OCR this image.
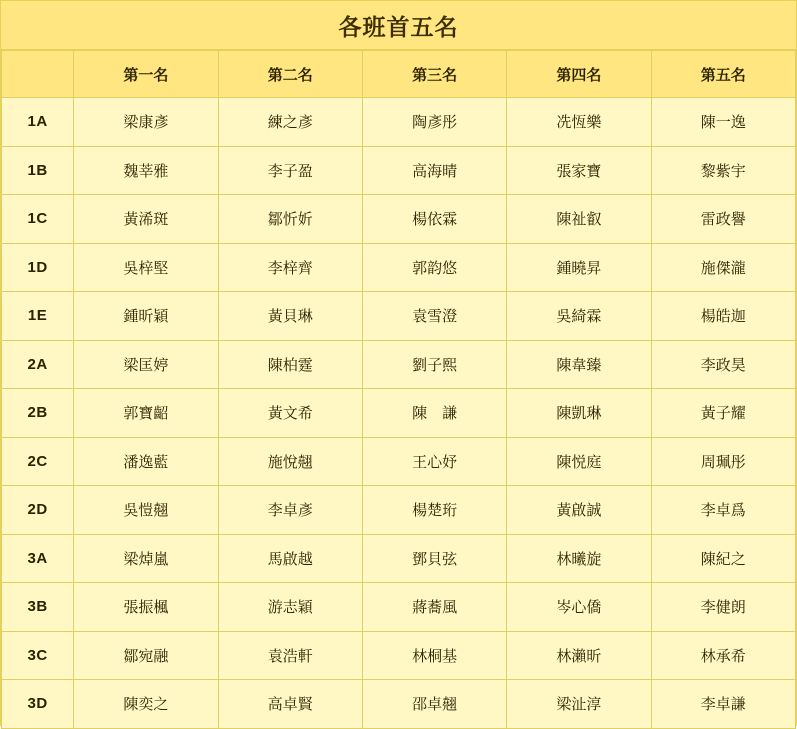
各班首五名
	第一名	第二名	第三名	第四名	第五名
1A	梁康彥	練之彥	陶彥彤	冼恆樂	陳一逸
1B	魏莘雅	李子盈	高海晴	張家寶	黎紫宇
1C	黃浠斑	鄒忻妡	楊依霖	陳祉叡	雷政譽
1D	吳梓堅	李梓齊	郭韵悠	鍾曉昇	施傑瀧
1E	鍾昕穎	黃貝琳	袁雪澄	吳綺霖	楊皓迦
2A	梁匡婷	陳柏霆	劉子熙	陳韋臻	李政昊
2B	郭寶齠	黃文希	陳　謙	陳凱琳	黃子耀
2C	潘逸藍	施悅翹	王心妤	陳悦庭	周珮彤
2D	吳愷翹	李卓彥	楊楚珩	黃啟誠	李卓爲
3A	梁焯嵐	馬啟越	鄧貝弦	林曦旋	陳紀之
3B	張振楓	游志穎	蔣蕎風	岑心僑	李健朗
3C	鄒宛融	袁浩軒	林桐基	林瀨昕	林承希
3D	陳奕之	高卓賢	邵卓翹	梁沚淳	李卓謙
